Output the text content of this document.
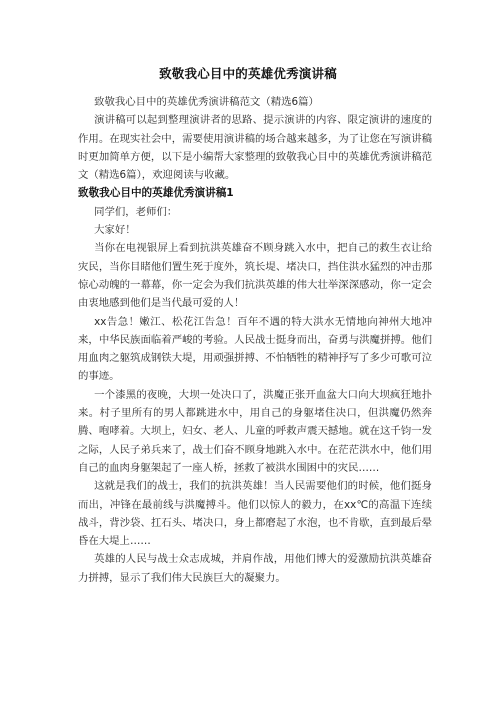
致敬我心目中的英雄优秀演讲稿

致敬我心目中的英雄优秀演讲稿范文（精选6篇）

演讲稿可以起到整理演讲者的思路、提示演讲的内容、限定演讲的速度的作用。在现实社会中，需要使用演讲稿的场合越来越多，为了让您在写演讲稿时更加简单方便，以下是小编帮大家整理的致敬我心目中的英雄优秀演讲稿范文（精选6篇），欢迎阅读与收藏。

致敬我心目中的英雄优秀演讲稿1

同学们，老师们：

大家好！

当你在电视银屏上看到抗洪英雄奋不顾身跳入水中，把自己的救生衣让给灾民，当你目睹他们置生死于度外，筑长堤、堵决口，挡住洪水猛烈的冲击那惊心动魄的一幕幕，你一定会为我们抗洪英雄的伟大壮举深深感动，你一定会由衷地感到他们是当代最可爱的人！

xx告急！嫩江、松花江告急！百年不遇的特大洪水无情地向神州大地冲来，中华民族面临着严峻的考验。人民战士挺身而出，奋勇与洪魔拼搏。他们用血肉之躯筑成钢铁大堤，用顽强拼搏、不怕牺牲的精神抒写了多少可歌可泣的事迹。

一个漆黑的夜晚，大坝一处决口了，洪魔正张开血盆大口向大坝疯狂地扑来。村子里所有的男人都跳进水中，用自己的身躯堵住决口，但洪魔仍然奔腾、咆哮着。大坝上，妇女、老人、儿童的呼救声震天撼地。就在这千钧一发之际，人民子弟兵来了，战士们奋不顾身地跳入水中。在茫茫洪水中，他们用自己的血肉身躯架起了一座人桥，拯救了被洪水围困中的灾民……

这就是我们的战士，我们的抗洪英雄！当人民需要他们的时候，他们挺身而出，冲锋在最前线与洪魔搏斗。他们以惊人的毅力，在xx℃的高温下连续战斗，背沙袋、扛石头、堵决口，身上都磨起了水泡，也不肯歇，直到最后晕昏在大堤上……

英雄的人民与战士众志成城，并肩作战，用他们博大的爱激励抗洪英雄奋力拼搏，显示了我们伟大民族巨大的凝聚力。
